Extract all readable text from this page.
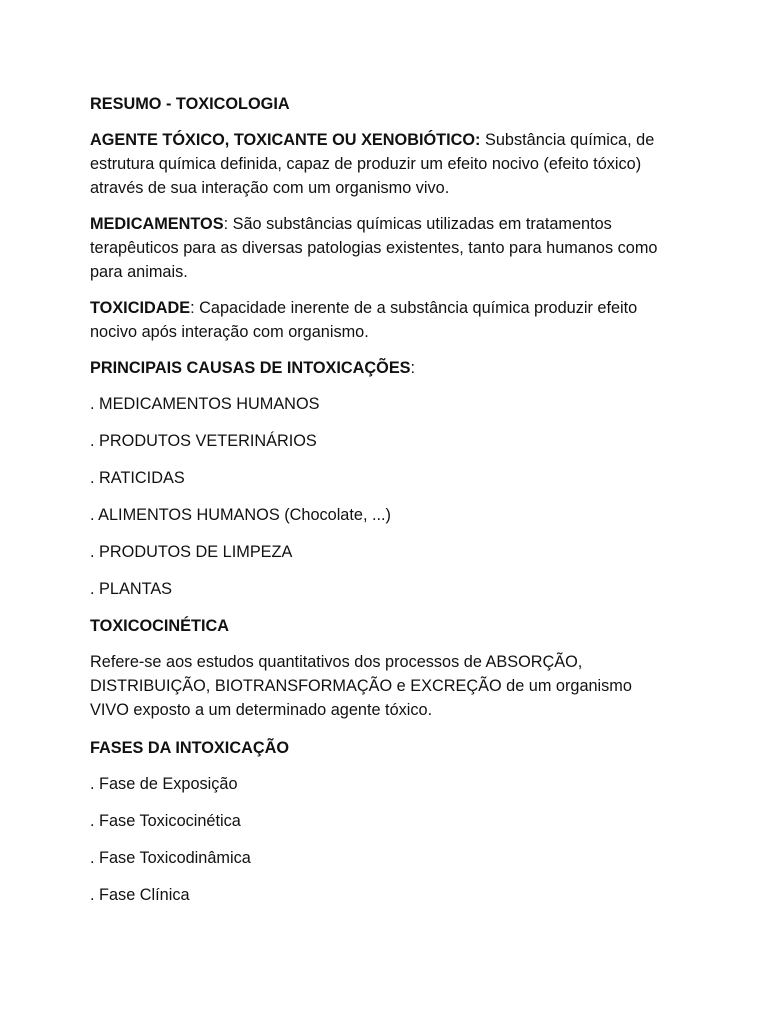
RESUMO - TOXICOLOGIA

AGENTE TÓXICO, TOXICANTE OU XENOBIÓTICO: Substância química, de estrutura química definida, capaz de produzir um efeito nocivo (efeito tóxico) através de sua interação com um organismo vivo.

MEDICAMENTOS: São substâncias químicas utilizadas em tratamentos terapêuticos para as diversas patologias existentes, tanto para humanos como para animais.

TOXICIDADE: Capacidade inerente de a substância química produzir efeito nocivo após interação com organismo.

PRINCIPAIS CAUSAS DE INTOXICAÇÕES:

. MEDICAMENTOS HUMANOS

. PRODUTOS VETERINÁRIOS

. RATICIDAS

. ALIMENTOS HUMANOS (Chocolate, ...)

. PRODUTOS DE LIMPEZA

. PLANTAS

TOXICOCINÉTICA

Refere-se aos estudos quantitativos dos processos de ABSORÇÃO, DISTRIBUIÇÃO, BIOTRANSFORMAÇÃO e EXCREÇÃO de um organismo VIVO exposto a um determinado agente tóxico.

FASES DA INTOXICAÇÃO

. Fase de Exposição

. Fase Toxicocinética

. Fase Toxicodinâmica

. Fase Clínica
